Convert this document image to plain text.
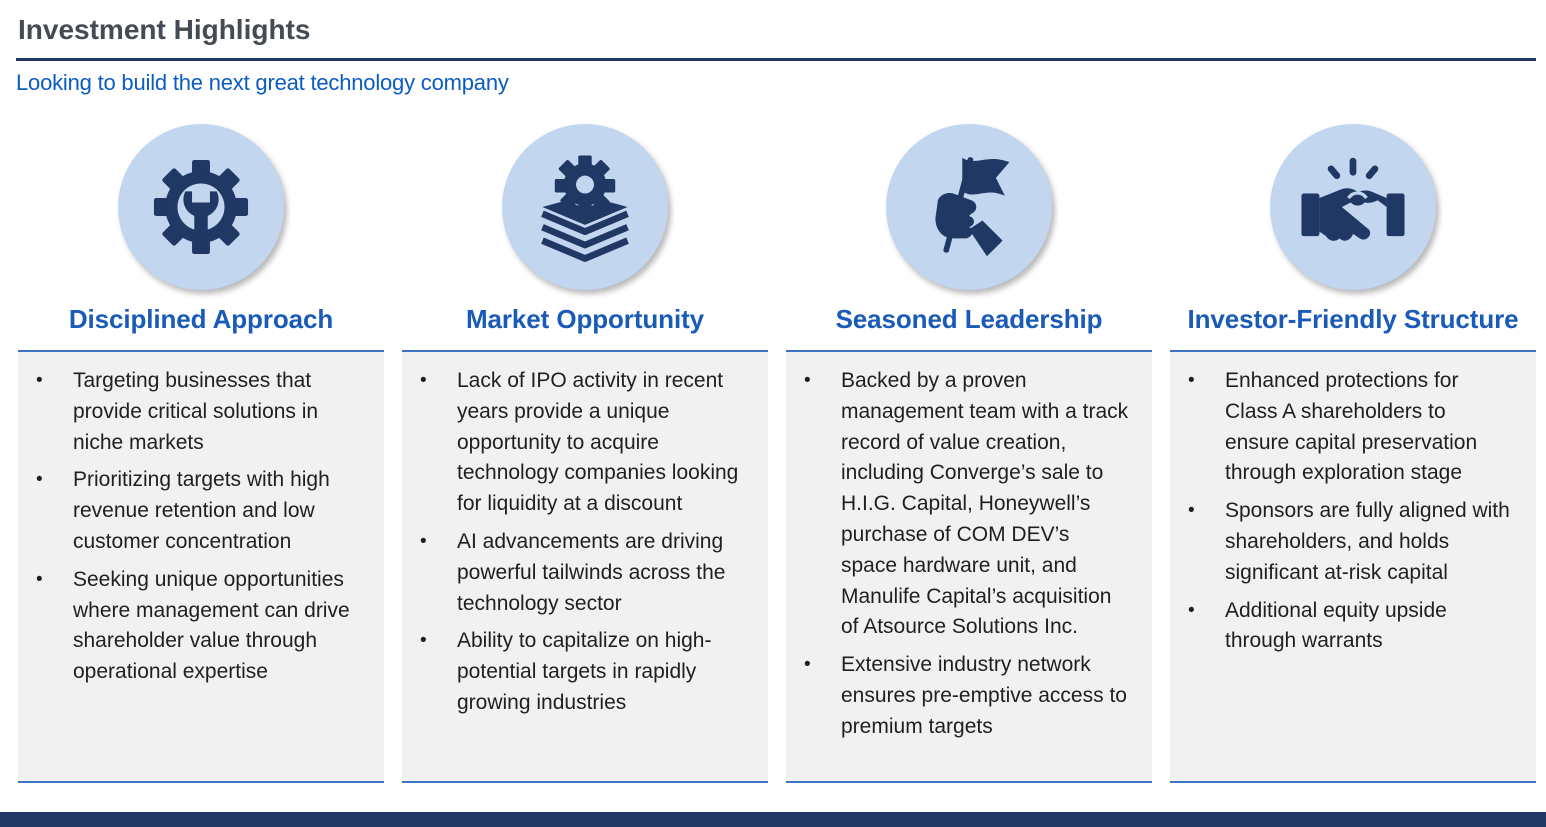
Investment Highlights
Looking to build the next great technology company
Disciplined Approach
• Targeting businesses that provide critical solutions in niche markets
• Prioritizing targets with high revenue retention and low customer concentration
• Seeking unique opportunities where management can drive shareholder value through operational expertise
Market Opportunity
• Lack of IPO activity in recent years provide a unique opportunity to acquire technology companies looking for liquidity at a discount
• AI advancements are driving powerful tailwinds across the technology sector
• Ability to capitalize on high-potential targets in rapidly growing industries
Seasoned Leadership
• Backed by a proven management team with a track record of value creation, including Converge’s sale to H.I.G. Capital, Honeywell’s purchase of COM DEV’s space hardware unit, and Manulife Capital’s acquisition of Atsource Solutions Inc.
• Extensive industry network ensures pre-emptive access to premium targets
Investor-Friendly Structure
• Enhanced protections for Class A shareholders to ensure capital preservation through exploration stage
• Sponsors are fully aligned with shareholders, and holds significant at-risk capital
• Additional equity upside through warrants
